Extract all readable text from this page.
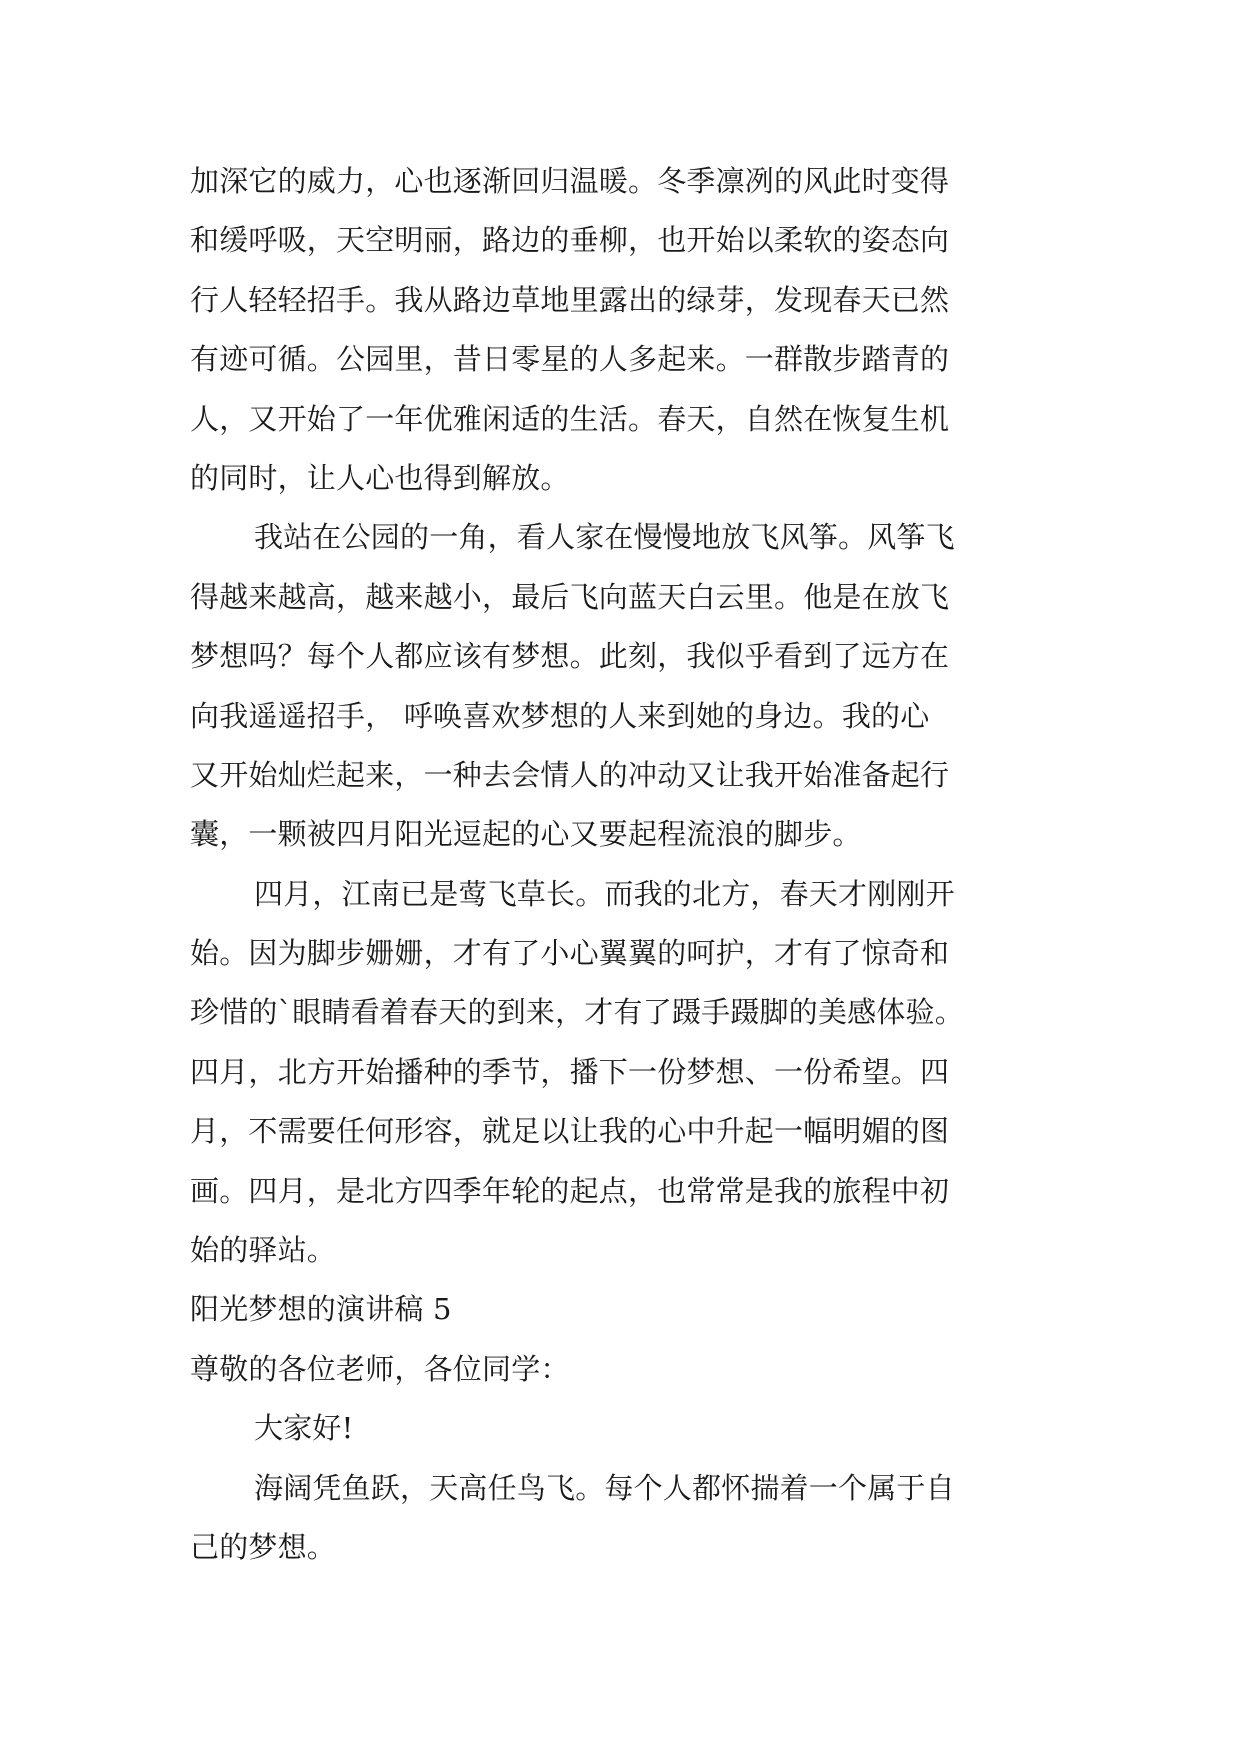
加深它的威力，心也逐渐回归温暖。冬季凛冽的风此时变得
和缓呼吸，天空明丽，路边的垂柳，也开始以柔软的姿态向
行人轻轻招手。我从路边草地里露出的绿芽，发现春天已然
有迹可循。公园里，昔日零星的人多起来。一群散步踏青的
人，又开始了一年优雅闲适的生活。春天，自然在恢复生机
的同时，让人心也得到解放。
我站在公园的一角，看人家在慢慢地放飞风筝。风筝飞
得越来越高，越来越小，最后飞向蓝天白云里。他是在放飞
梦想吗？每个人都应该有梦想。此刻，我似乎看到了远方在
向我遥遥招手， 呼唤喜欢梦想的人来到她的身边。我的心
又开始灿烂起来，一种去会情人的冲动又让我开始准备起行
囊，一颗被四月阳光逗起的心又要起程流浪的脚步。
四月，江南已是莺飞草长。而我的北方，春天才刚刚开
始。因为脚步姗姗，才有了小心翼翼的呵护，才有了惊奇和
珍惜的`眼睛看着春天的到来，才有了蹑手蹑脚的美感体验。
四月，北方开始播种的季节，播下一份梦想、一份希望。四
月，不需要任何形容，就足以让我的心中升起一幅明媚的图
画。四月，是北方四季年轮的起点，也常常是我的旅程中初
始的驿站。
阳光梦想的演讲稿 5
尊敬的各位老师，各位同学：
大家好!
海阔凭鱼跃，天高任鸟飞。每个人都怀揣着一个属于自
己的梦想。
